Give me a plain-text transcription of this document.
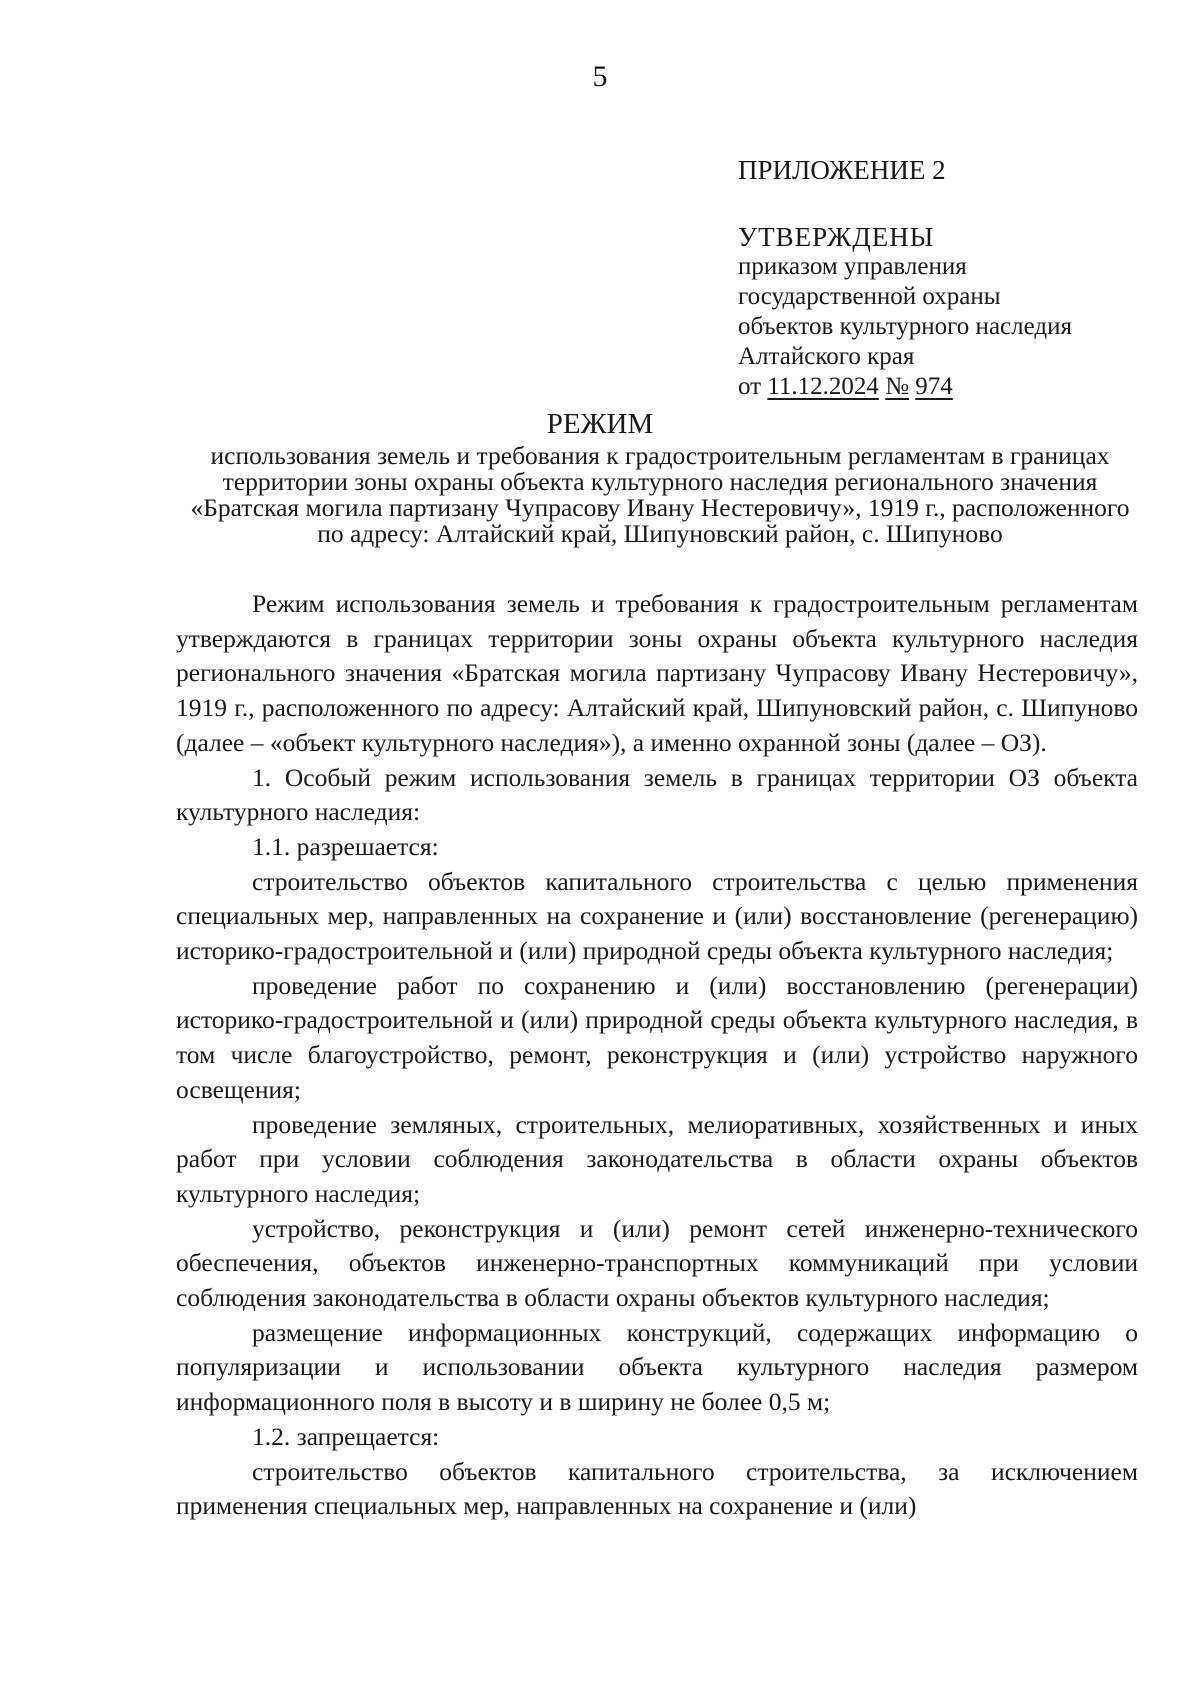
5
ПРИЛОЖЕНИЕ 2
УТВЕРЖДЕНЫ
приказом управления
государственной охраны
объектов культурного наследия
Алтайского края
от 11.12.2024 № 974
РЕЖИМ
использования земель и требования к градостроительным регламентам в границах территории зоны охраны объекта культурного наследия регионального значения «Братская могила партизану Чупрасову Ивану Нестеровичу», 1919 г., расположенного по адресу: Алтайский край, Шипуновский район, с. Шипуново

Режим использования земель и требования к градостроительным регламентам утверждаются в границах территории зоны охраны объекта культурного наследия регионального значения «Братская могила партизану Чупрасову Ивану Нестеровичу», 1919 г., расположенного по адресу: Алтайский край, Шипуновский район, с. Шипуново (далее – «объект культурного наследия»), а именно охранной зоны (далее – ОЗ).

1. Особый режим использования земель в границах территории ОЗ объекта культурного наследия:

1.1. разрешается:

строительство объектов капитального строительства с целью применения специальных мер, направленных на сохранение и (или) восстановление (регенерацию) историко-градостроительной и (или) природной среды объекта культурного наследия;

проведение работ по сохранению и (или) восстановлению (регенерации) историко-градостроительной и (или) природной среды объекта культурного наследия, в том числе благоустройство, ремонт, реконструкция и (или) устройство наружного освещения;

проведение земляных, строительных, мелиоративных, хозяйственных и иных работ при условии соблюдения законодательства в области охраны объектов культурного наследия;

устройство, реконструкция и (или) ремонт сетей инженерно-технического обеспечения, объектов инженерно-транспортных коммуникаций при условии соблюдения законодательства в области охраны объектов культурного наследия;

размещение информационных конструкций, содержащих информацию о популяризации и использовании объекта культурного наследия размером информационного поля в высоту и в ширину не более 0,5 м;

1.2. запрещается:

строительство объектов капитального строительства, за исключением применения специальных мер, направленных на сохранение и (или)
